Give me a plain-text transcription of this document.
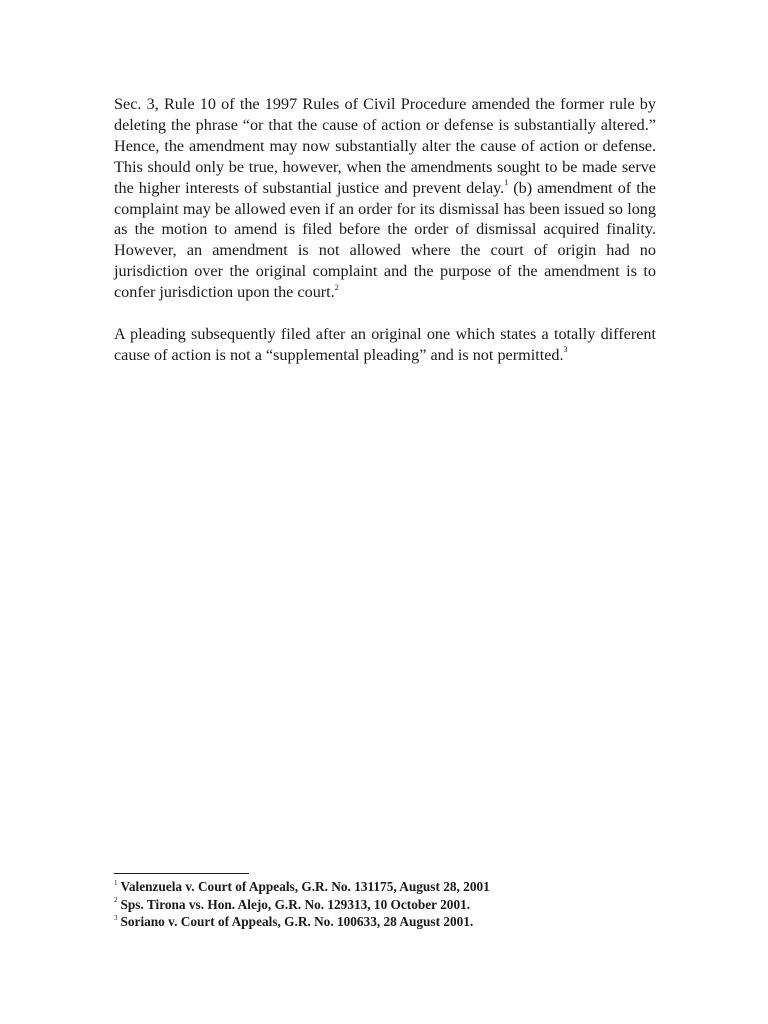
Sec. 3, Rule 10 of the 1997 Rules of Civil Procedure amended the former rule by deleting the phrase “or that the cause of action or defense is substantially altered.” Hence, the amendment may now substantially alter the cause of action or defense. This should only be true, however, when the amendments sought to be made serve the higher interests of substantial justice and prevent delay.$^1$ (b) amendment of the complaint may be allowed even if an order for its dismissal has been issued so long as the motion to amend is filed before the order of dismissal acquired finality. However, an amendment is not allowed where the court of origin had no jurisdiction over the original complaint and the purpose of the amendment is to confer jurisdiction upon the court.$^2$

A pleading subsequently filed after an original one which states a totally different cause of action is not a “supplemental pleading” and is not permitted.$^3$

$^1$ Valenzuela v. Court of Appeals, G.R. No. 131175, August 28, 2001

$^2$ Sps. Tirona vs. Hon. Alejo, G.R. No. 129313, 10 October 2001.

$^3$ Soriano v. Court of Appeals, G.R. No. 100633, 28 August 2001.
